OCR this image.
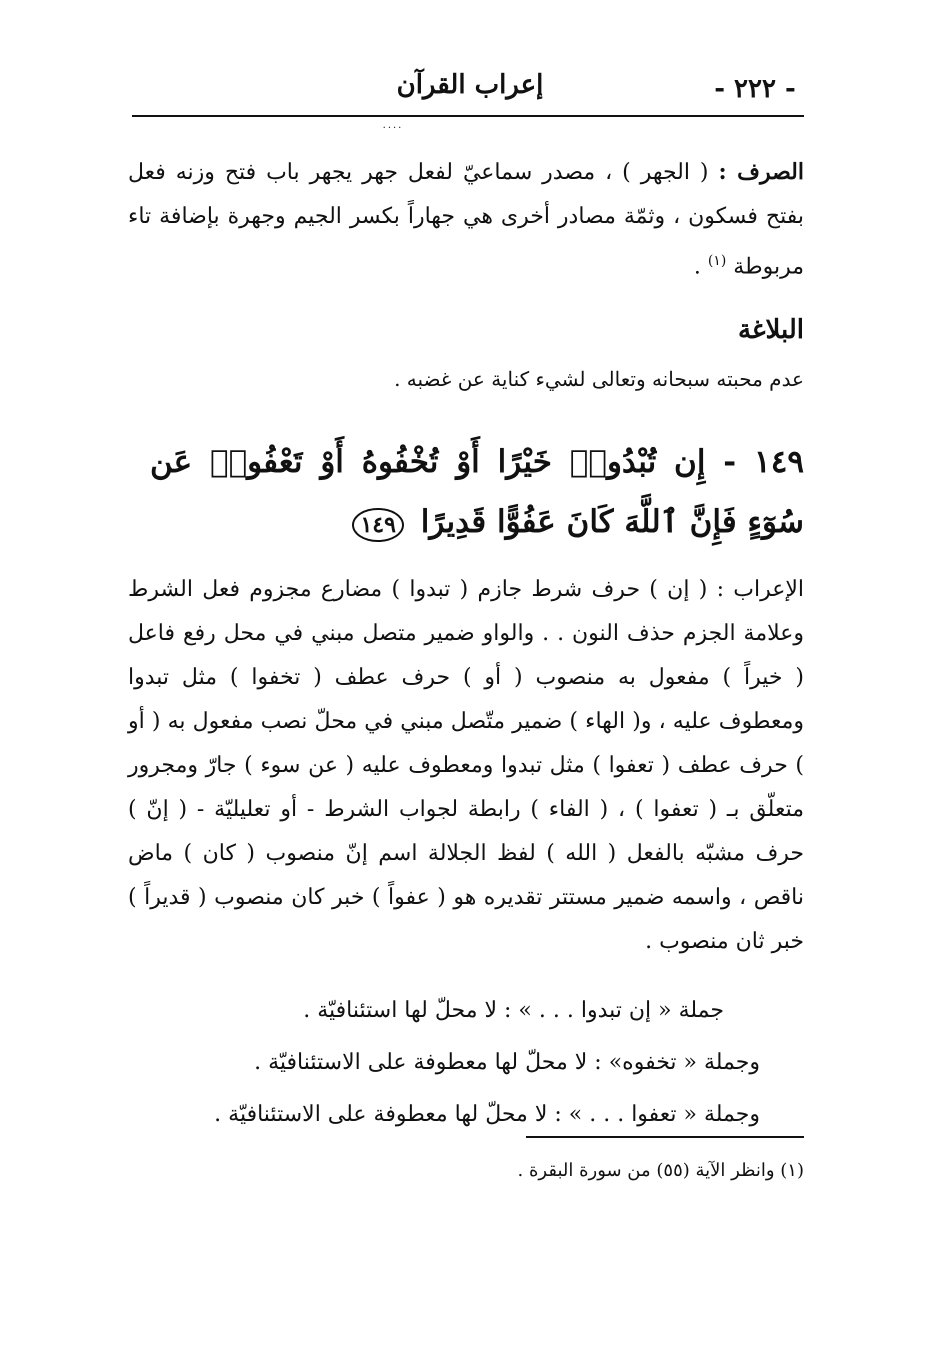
- ٢٢٢ -
إعراب القرآن
....
الصرف : ( الجهر ) ، مصدر سماعيّ لفعل جهر يجهر باب فتح وزنه فعل بفتح فسكون ، وثمّة مصادر أخرى هي جهاراً بكسر الجيم وجهرة بإضافة تاء مربوطة $^{(١)}$ .
البلاغة
عدم محبته سبحانه وتعالى لشيء كناية عن غضبه .
١٤٩ - إِن تُبْدُوا۟ خَيْرًا أَوْ تُخْفُوهُ أَوْ تَعْفُوا۟ عَن سُوٓءٍ فَإِنَّ ٱللَّهَ كَانَ عَفُوًّا قَدِيرًا ١٤٩
الإعراب : ( إن ) حرف شرط جازم ( تبدوا ) مضارع مجزوم فعل الشرط وعلامة الجزم حذف النون . . والواو ضمير متصل مبني في محل رفع فاعل ( خيراً ) مفعول به منصوب ( أو ) حرف عطف ( تخفوا ) مثل تبدوا ومعطوف عليه ، و( الهاء ) ضمير متّصل مبني في محلّ نصب مفعول به ( أو ) حرف عطف ( تعفوا ) مثل تبدوا ومعطوف عليه ( عن سوء ) جارّ ومجرور متعلّق بـ ( تعفوا ) ، ( الفاء ) رابطة لجواب الشرط - أو تعليليّة - ( إنّ ) حرف مشبّه بالفعل ( الله ) لفظ الجلالة اسم إنّ منصوب ( كان ) ماض ناقص ، واسمه ضمير مستتر تقديره هو ( عفواً ) خبر كان منصوب ( قديراً ) خبر ثان منصوب .
جملة « إن تبدوا . . . » : لا محلّ لها استئنافيّة .
وجملة « تخفوه» : لا محلّ لها معطوفة على الاستئنافيّة .
وجملة « تعفوا . . . » : لا محلّ لها معطوفة على الاستئنافيّة .
(١) وانظر الآية (٥٥) من سورة البقرة .
